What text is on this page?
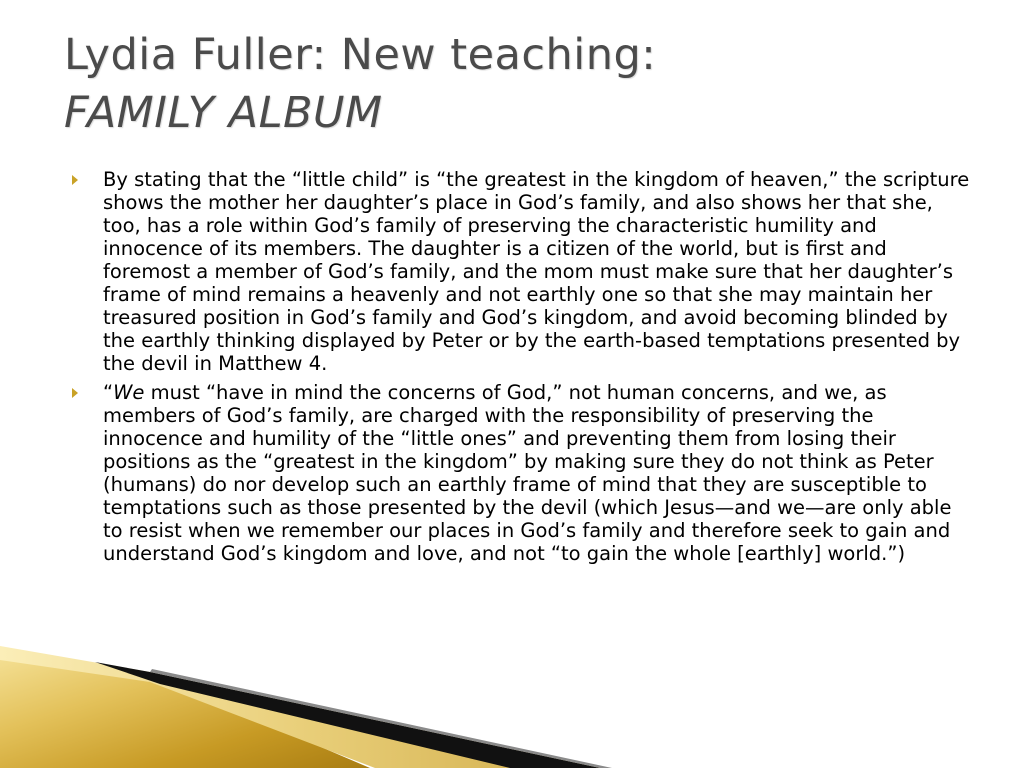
Lydia Fuller: New teaching:
FAMILY ALBUM
By stating that the “little child” is “the greatest in the kingdom of heaven,” the scripture shows the mother her daughter’s place in God’s family, and also shows her that she, too, has a role within God’s family of preserving the characteristic humility and innocence of its members. The daughter is a citizen of the world, but is first and foremost a member of God’s family, and the mom must make sure that her daughter’s frame of mind remains a heavenly and not earthly one so that she may maintain her treasured position in God’s family and God’s kingdom, and avoid becoming blinded by the earthly thinking displayed by Peter or by the earth-based temptations presented by the devil in Matthew 4.
“We must “have in mind the concerns of God,” not human concerns, and we, as members of God’s family, are charged with the responsibility of preserving the innocence and humility of the “little ones” and preventing them from losing their positions as the “greatest in the kingdom” by making sure they do not think as Peter (humans) do nor develop such an earthly frame of mind that they are susceptible to temptations such as those presented by the devil (which Jesus—and we—are only able to resist when we remember our places in God’s family and therefore seek to gain and understand God’s kingdom and love, and not “to gain the whole [earthly] world.”)
